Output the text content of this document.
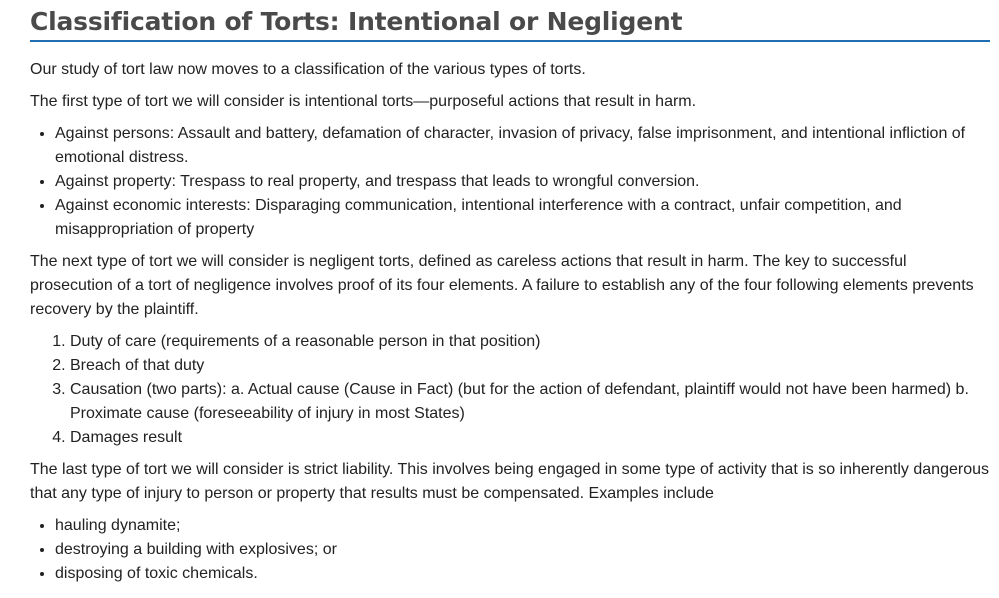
Classification of Torts: Intentional or Negligent

Our study of tort law now moves to a classification of the various types of torts.

The first type of tort we will consider is intentional torts—purposeful actions that result in harm.

• Against persons: Assault and battery, defamation of character, invasion of privacy, false imprisonment, and intentional infliction of emotional distress.
• Against property: Trespass to real property, and trespass that leads to wrongful conversion.
• Against economic interests: Disparaging communication, intentional interference with a contract, unfair competition, and misappropriation of property

The next type of tort we will consider is negligent torts, defined as careless actions that result in harm. The key to successful prosecution of a tort of negligence involves proof of its four elements. A failure to establish any of the four following elements prevents recovery by the plaintiff.

1. Duty of care (requirements of a reasonable person in that position)
2. Breach of that duty
3. Causation (two parts): a. Actual cause (Cause in Fact) (but for the action of defendant, plaintiff would not have been harmed) b. Proximate cause (foreseeability of injury in most States)
4. Damages result

The last type of tort we will consider is strict liability. This involves being engaged in some type of activity that is so inherently dangerous that any type of injury to person or property that results must be compensated. Examples include

• hauling dynamite;
• destroying a building with explosives; or
• disposing of toxic chemicals.
